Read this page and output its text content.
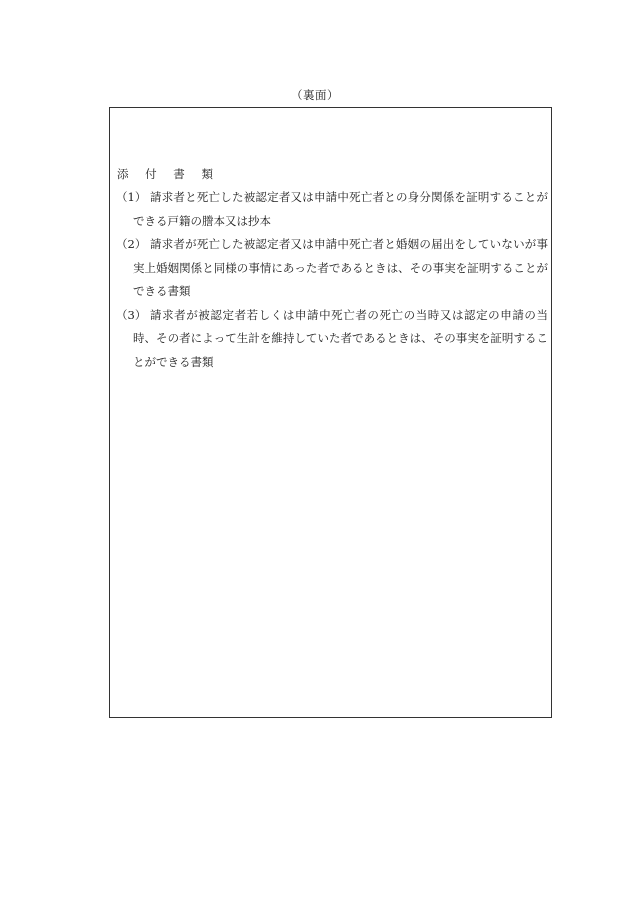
（裏面）
添 付 書 類
（1） 請求者と死亡した被認定者又は申請中死亡者との身分関係を証明することができる戸籍の謄本又は抄本
（2） 請求者が死亡した被認定者又は申請中死亡者と婚姻の届出をしていないが事実上婚姻関係と同様の事情にあった者であるときは、その事実を証明することができる書類
（3） 請求者が被認定者若しくは申請中死亡者の死亡の当時又は認定の申請の当時、その者によって生計を維持していた者であるときは、その事実を証明することができる書類
